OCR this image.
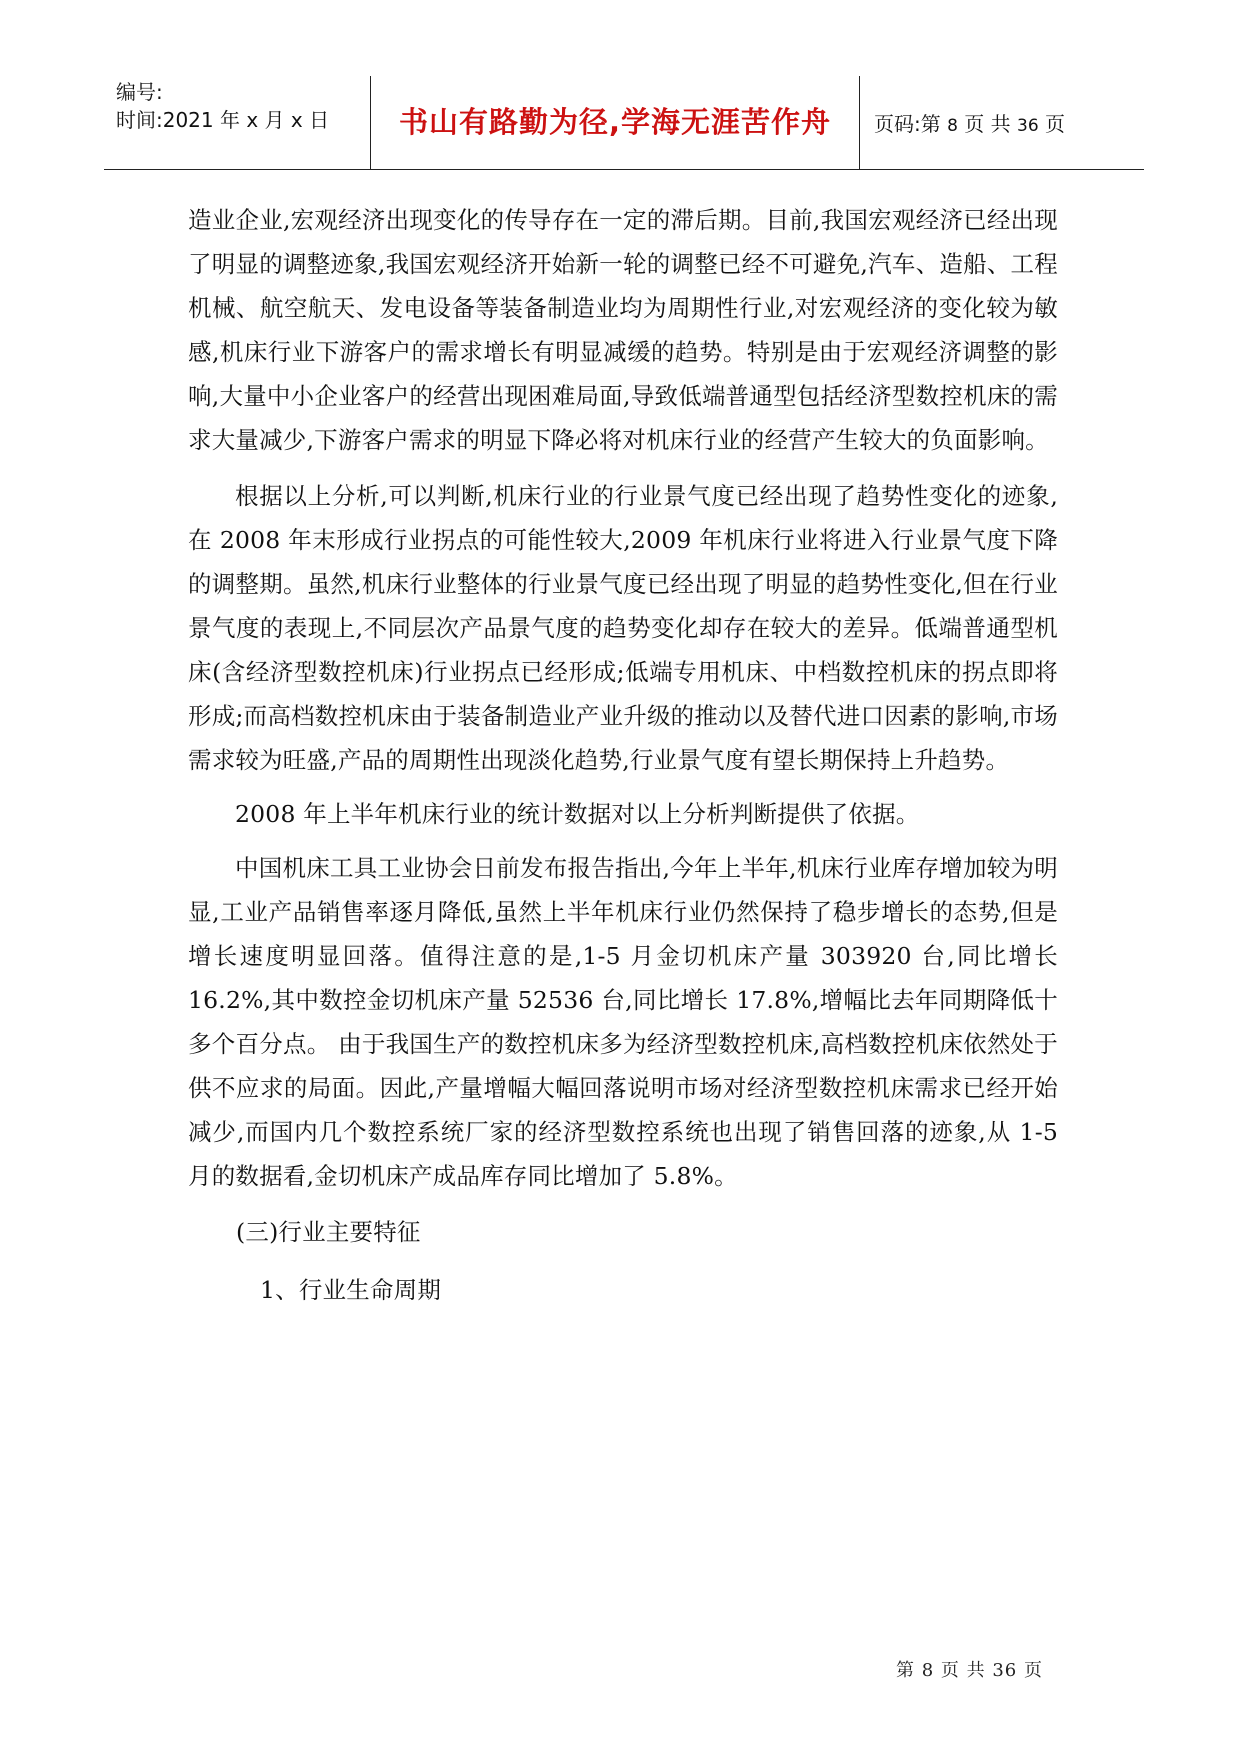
编号:
时间:2021 年 x 月 x 日	书山有路勤为径,学海无涯苦作舟	页码:第 8 页 共 36 页

造业企业,宏观经济出现变化的传导存在一定的滞后期。目前,我国宏观经济已经出现了明显的调整迹象,我国宏观经济开始新一轮的调整已经不可避免,汽车、造船、工程机械、航空航天、发电设备等装备制造业均为周期性行业,对宏观经济的变化较为敏感,机床行业下游客户的需求增长有明显减缓的趋势。特别是由于宏观经济调整的影响,大量中小企业客户的经营出现困难局面,导致低端普通型包括经济型数控机床的需求大量减少,下游客户需求的明显下降必将对机床行业的经营产生较大的负面影响。

根据以上分析,可以判断,机床行业的行业景气度已经出现了趋势性变化的迹象,在 2008 年末形成行业拐点的可能性较大,2009 年机床行业将进入行业景气度下降的调整期。虽然,机床行业整体的行业景气度已经出现了明显的趋势性变化,但在行业景气度的表现上,不同层次产品景气度的趋势变化却存在较大的差异。低端普通型机床(含经济型数控机床)行业拐点已经形成;低端专用机床、中档数控机床的拐点即将形成;而高档数控机床由于装备制造业产业升级的推动以及替代进口因素的影响,市场需求较为旺盛,产品的周期性出现淡化趋势,行业景气度有望长期保持上升趋势。

2008 年上半年机床行业的统计数据对以上分析判断提供了依据。

中国机床工具工业协会日前发布报告指出,今年上半年,机床行业库存增加较为明显,工业产品销售率逐月降低,虽然上半年机床行业仍然保持了稳步增长的态势,但是增长速度明显回落。值得注意的是,1-5 月金切机床产量 303920 台,同比增长 16.2%,其中数控金切机床产量 52536 台,同比增长 17.8%,增幅比去年同期降低十多个百分点。 由于我国生产的数控机床多为经济型数控机床,高档数控机床依然处于供不应求的局面。因此,产量增幅大幅回落说明市场对经济型数控机床需求已经开始减少,而国内几个数控系统厂家的经济型数控系统也出现了销售回落的迹象,从 1-5 月的数据看,金切机床产成品库存同比增加了 5.8%。

(三)行业主要特征

1、行业生命周期

第 8 页 共 36 页
